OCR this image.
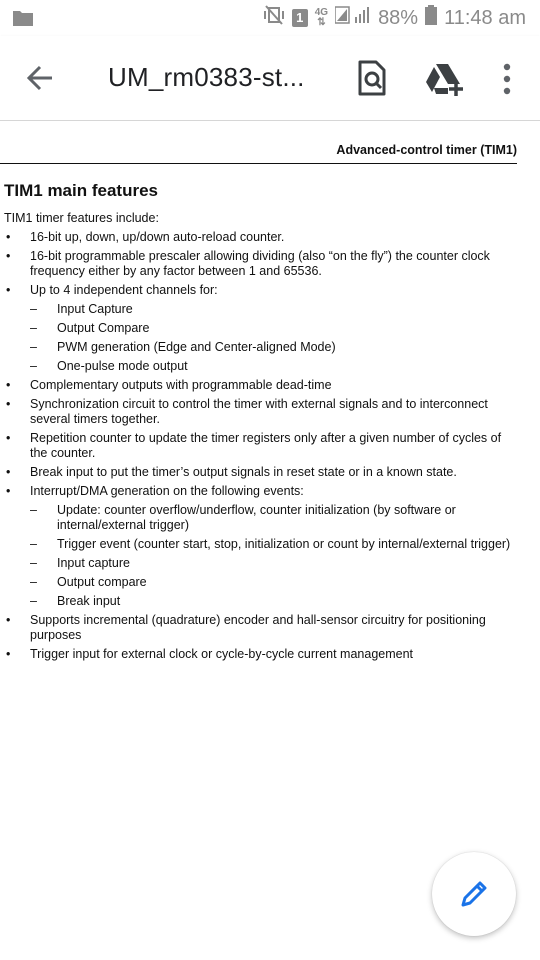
1	4G
⇅	88% 11:48 am
UM_rm0383-st...
Advanced-control timer (TIM1)
TIM1 main features
TIM1 timer features include:
• 16-bit up, down, up/down auto-reload counter.
• 16-bit programmable prescaler allowing dividing (also “on the fly”) the counter clock
frequency either by any factor between 1 and 65536.
• Up to 4 independent channels for:
– Input Capture
– Output Compare
– PWM generation (Edge and Center-aligned Mode)
– One-pulse mode output
• Complementary outputs with programmable dead-time
• Synchronization circuit to control the timer with external signals and to interconnect
several timers together.
• Repetition counter to update the timer registers only after a given number of cycles of
the counter.
• Break input to put the timer’s output signals in reset state or in a known state.
• Interrupt/DMA generation on the following events:
– Update: counter overflow/underflow, counter initialization (by software or
internal/external trigger)
– Trigger event (counter start, stop, initialization or count by internal/external trigger)
– Input capture
– Output compare
– Break input
• Supports incremental (quadrature) encoder and hall-sensor circuitry for positioning
purposes
• Trigger input for external clock or cycle-by-cycle current management
